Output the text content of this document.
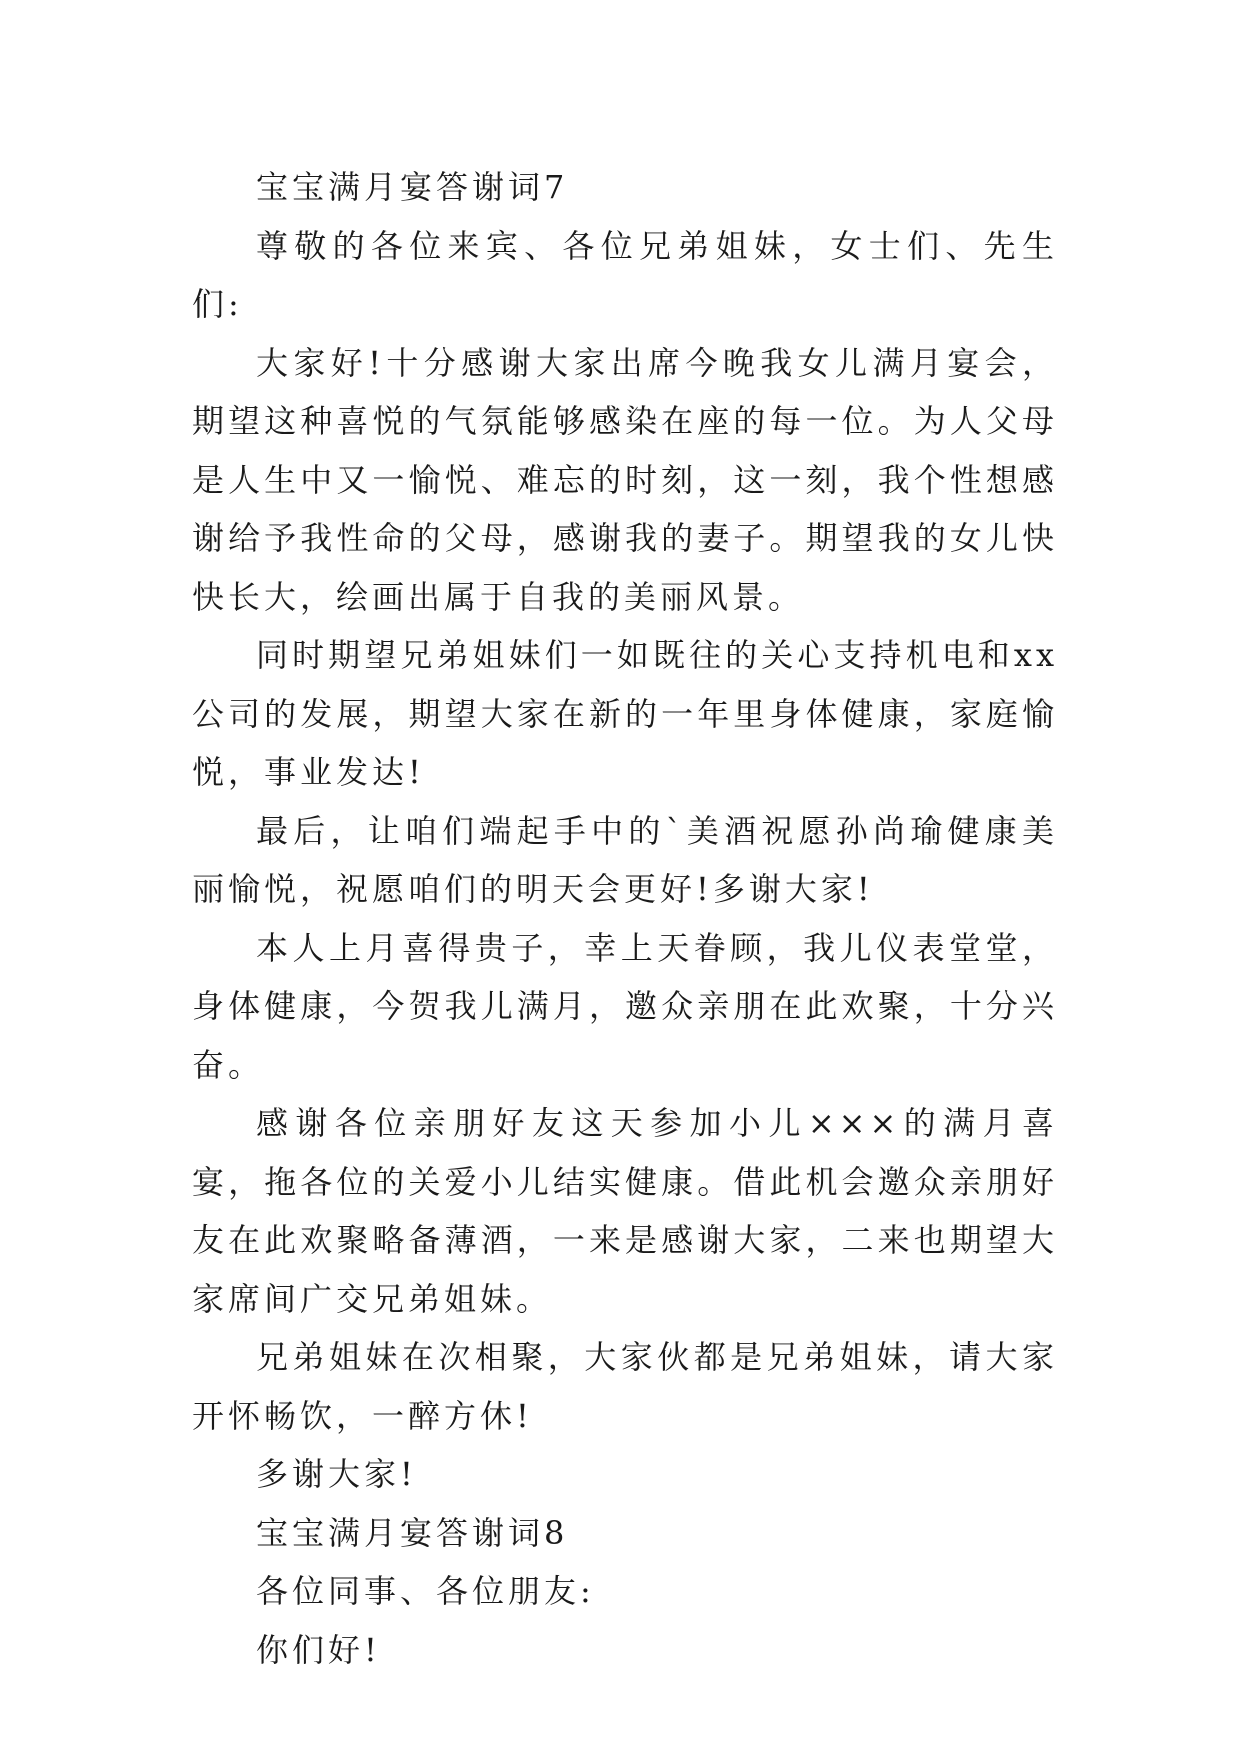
宝宝满月宴答谢词7

尊敬的各位来宾、各位兄弟姐妹，女士们、先生们:

大家好!十分感谢大家出席今晚我女儿满月宴会，期望这种喜悦的气氛能够感染在座的每一位。为人父母是人生中又一愉悦、难忘的时刻，这一刻，我个性想感谢给予我性命的父母，感谢我的妻子。期望我的女儿快快长大，绘画出属于自我的美丽风景。

同时期望兄弟姐妹们一如既往的关心支持机电和xx公司的发展，期望大家在新的一年里身体健康，家庭愉悦，事业发达!

最后，让咱们端起手中的`美酒祝愿孙尚瑜健康美丽愉悦，祝愿咱们的明天会更好!多谢大家!

本人上月喜得贵子，幸上天眷顾，我儿仪表堂堂，身体健康，今贺我儿满月，邀众亲朋在此欢聚，十分兴奋。

感谢各位亲朋好友这天参加小儿×××的满月喜宴，拖各位的关爱小儿结实健康。借此机会邀众亲朋好友在此欢聚略备薄酒，一来是感谢大家，二来也期望大家席间广交兄弟姐妹。

兄弟姐妹在次相聚，大家伙都是兄弟姐妹，请大家开怀畅饮，一醉方休!

多谢大家!

宝宝满月宴答谢词8

各位同事、各位朋友:

你们好!
